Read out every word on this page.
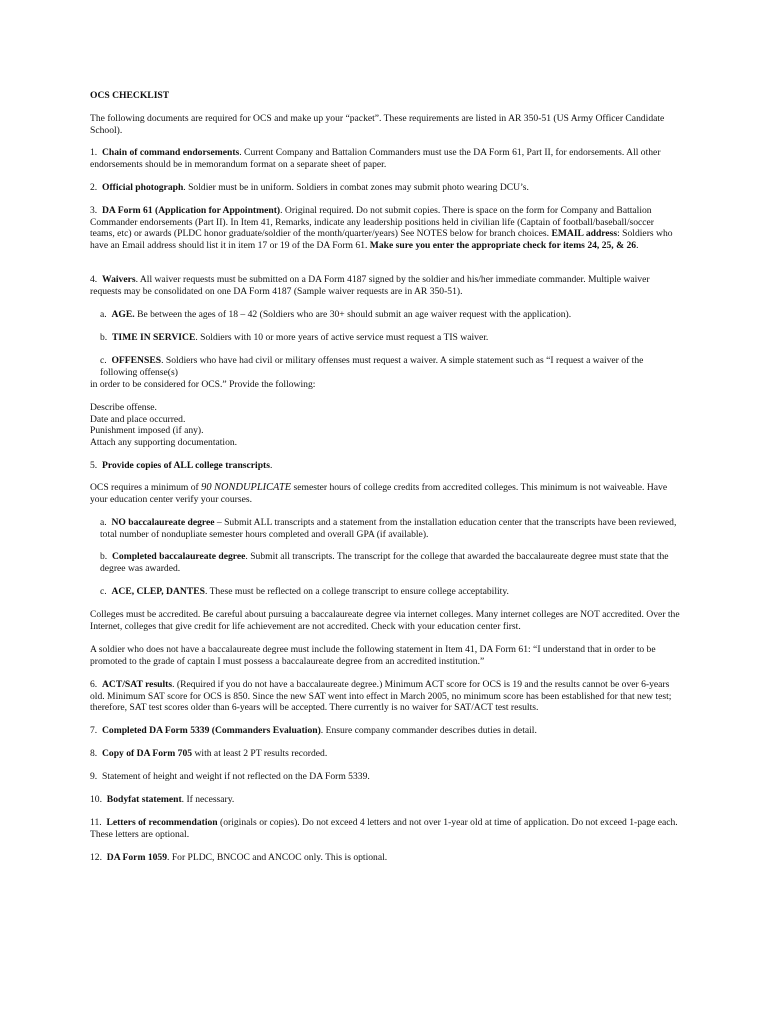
OCS CHECKLIST

The following documents are required for OCS and make up your “packet”. These requirements are listed in AR 350-51 (US Army Officer Candidate School).

1. Chain of command endorsements. Current Company and Battalion Commanders must use the DA Form 61, Part II, for endorsements. All other endorsements should be in memorandum format on a separate sheet of paper.

2. Official photograph. Soldier must be in uniform. Soldiers in combat zones may submit photo wearing DCU’s.

3. DA Form 61 (Application for Appointment). Original required. Do not submit copies. There is space on the form for Company and Battalion Commander endorsements (Part II). In Item 41, Remarks, indicate any leadership positions held in civilian life (Captain of football/baseball/soccer teams, etc) or awards (PLDC honor graduate/soldier of the month/quarter/years) See NOTES below for branch choices. EMAIL address: Soldiers who have an Email address should list it in item 17 or 19 of the DA Form 61. Make sure you enter the appropriate check for items 24, 25, & 26.

4. Waivers. All waiver requests must be submitted on a DA Form 4187 signed by the soldier and his/her immediate commander. Multiple waiver requests may be consolidated on one DA Form 4187 (Sample waiver requests are in AR 350-51).

a. AGE. Be between the ages of 18 – 42 (Soldiers who are 30+ should submit an age waiver request with the application).

b. TIME IN SERVICE. Soldiers with 10 or more years of active service must request a TIS waiver.

c. OFFENSES. Soldiers who have had civil or military offenses must request a waiver. A simple statement such as “I request a waiver of the following offense(s)

in order to be considered for OCS.” Provide the following:

Describe offense.

Date and place occurred.

Punishment imposed (if any).

Attach any supporting documentation.

5. Provide copies of ALL college transcripts.

OCS requires a minimum of 90 NONDUPLICATE semester hours of college credits from accredited colleges. This minimum is not waiveable. Have your education center verify your courses.

a. NO baccalaureate degree – Submit ALL transcripts and a statement from the installation education center that the transcripts have been reviewed, total number of nondupliate semester hours completed and overall GPA (if available).

b. Completed baccalaureate degree. Submit all transcripts. The transcript for the college that awarded the baccalaureate degree must state that the degree was awarded.

c. ACE, CLEP, DANTES. These must be reflected on a college transcript to ensure college acceptability.

Colleges must be accredited. Be careful about pursuing a baccalaureate degree via internet colleges. Many internet colleges are NOT accredited. Over the Internet, colleges that give credit for life achievement are not accredited. Check with your education center first.

A soldier who does not have a baccalaureate degree must include the following statement in Item 41, DA Form 61: “I understand that in order to be promoted to the grade of captain I must possess a baccalaureate degree from an accredited institution.”

6. ACT/SAT results. (Required if you do not have a baccalaureate degree.) Minimum ACT score for OCS is 19 and the results cannot be over 6-years old. Minimum SAT score for OCS is 850. Since the new SAT went into effect in March 2005, no minimum score has been established for that new test; therefore, SAT test scores older than 6-years will be accepted. There currently is no waiver for SAT/ACT test results.

7. Completed DA Form 5339 (Commanders Evaluation). Ensure company commander describes duties in detail.

8. Copy of DA Form 705 with at least 2 PT results recorded.

9. Statement of height and weight if not reflected on the DA Form 5339.

10. Bodyfat statement. If necessary.

11. Letters of recommendation (originals or copies). Do not exceed 4 letters and not over 1-year old at time of application. Do not exceed 1-page each. These letters are optional.

12. DA Form 1059. For PLDC, BNCOC and ANCOC only. This is optional.
